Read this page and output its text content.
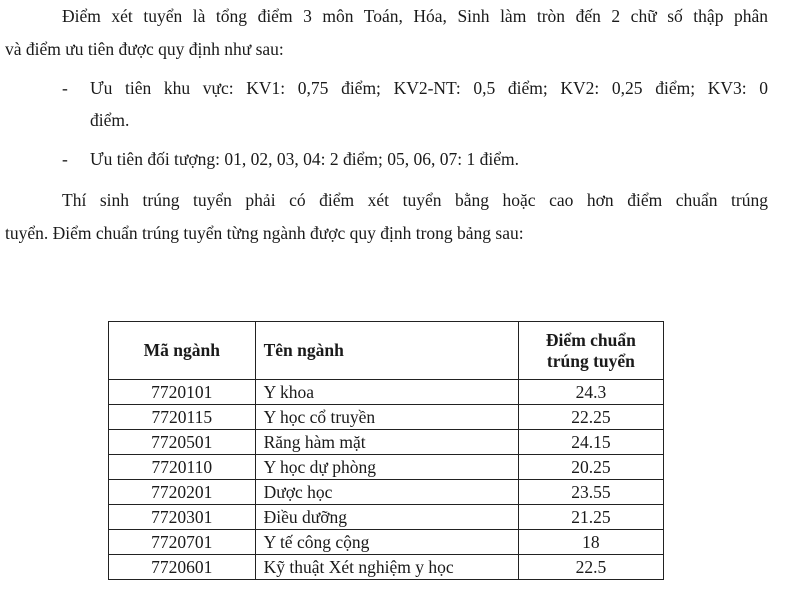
Điểm xét tuyển là tổng điểm 3 môn Toán, Hóa, Sinh làm tròn đến 2 chữ số thập phân
và điểm ưu tiên được quy định như sau:
- Ưu tiên khu vực: KV1: 0,75 điểm; KV2-NT: 0,5 điểm; KV2: 0,25 điểm; KV3: 0
điểm.
- Ưu tiên đối tượng: 01, 02, 03, 04: 2 điểm; 05, 06, 07: 1 điểm.
Thí sinh trúng tuyển phải có điểm xét tuyển bằng hoặc cao hơn điểm chuẩn trúng
tuyển. Điểm chuẩn trúng tuyển từng ngành được quy định trong bảng sau:
Mã ngành	Tên ngành	Điểm chuẩn
trúng tuyển
7720101	Y khoa	24.3
7720115	Y học cổ truyền	22.25
7720501	Răng hàm mặt	24.15
7720110	Y học dự phòng	20.25
7720201	Dược học	23.55
7720301	Điều dưỡng	21.25
7720701	Y tế công cộng	18
7720601	Kỹ thuật Xét nghiệm y học	22.5
